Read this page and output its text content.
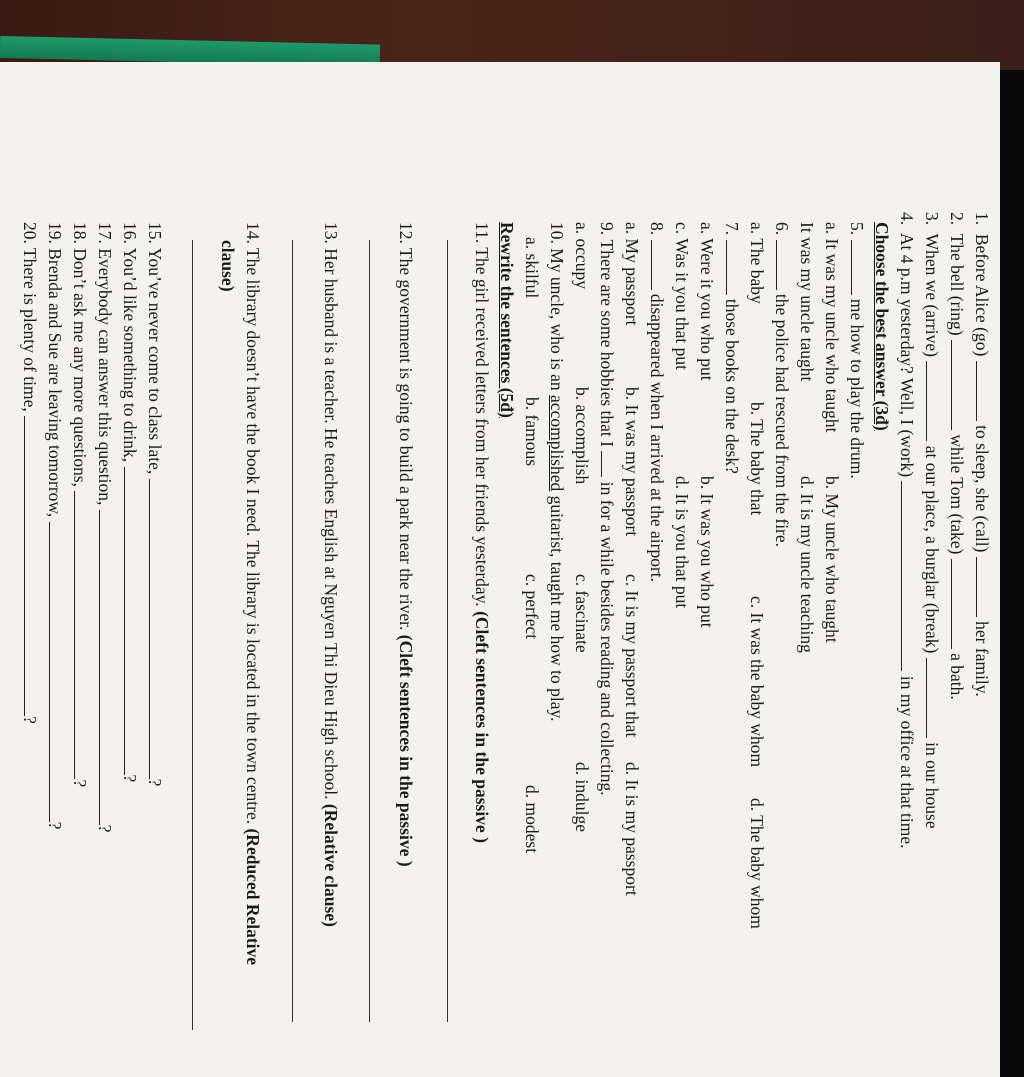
1.  Before Alice (go)  to sleep, she (call)  her family.
2.  The bell (ring)  while Tom (take)  a bath.
3.  When we (arrive)  at our place, a burglar (break)  in our house
4.  At 4 p.m yesterday? Well, I (work)  in my office at that time.
Choose the best answer (3đ)
5.  me how to play the drum.
a. It was my uncle who taught
b. My uncle who taught
It was my uncle taught
d. It is my uncle teaching
6.  the police had rescued from the fire.
a. The baby
b. The baby that
c. It was the baby whom
d. The baby whom
7.  those books on the desk?
a. Were it you who put
b. It was you who put
c. Was it you that put
d. It is you that put
8.  disappeared when I arrived at the airport.
a. My passport
b. It was my passport
c. It is my passport that
d. It is my passport
9. There are some hobbies that I  in for a while besides reading and collecting.
a. occupy
b. accomplish
c. fascinate
d. indulge
10. My uncle, who is an accomplished guitarist, taught me how to play.
a. skilful
b. famous
c. perfect
d. modest
Rewrite the sentences (5đ)
11. The girl received letters from her friends yesterday. (Cleft sentences in the passive )
12. The government is going to build a park near the river. (Cleft sentences in the passive )
13. Her husband is a teacher. He teaches English at Nguyen Thi Dieu High school. (Relative clause)
14. The library doesn’t have the book I need. The library is located in the town centre. (Reduced Relative
clause)
15. You’ve never come to class late, ?
16. You’d like something to drink, ?
17. Everybody can answer this question, ?
18. Don’t ask me any more questions, ?
19. Brenda and Sue are leaving tomorrow, ?
20. There is plenty of time, ?
